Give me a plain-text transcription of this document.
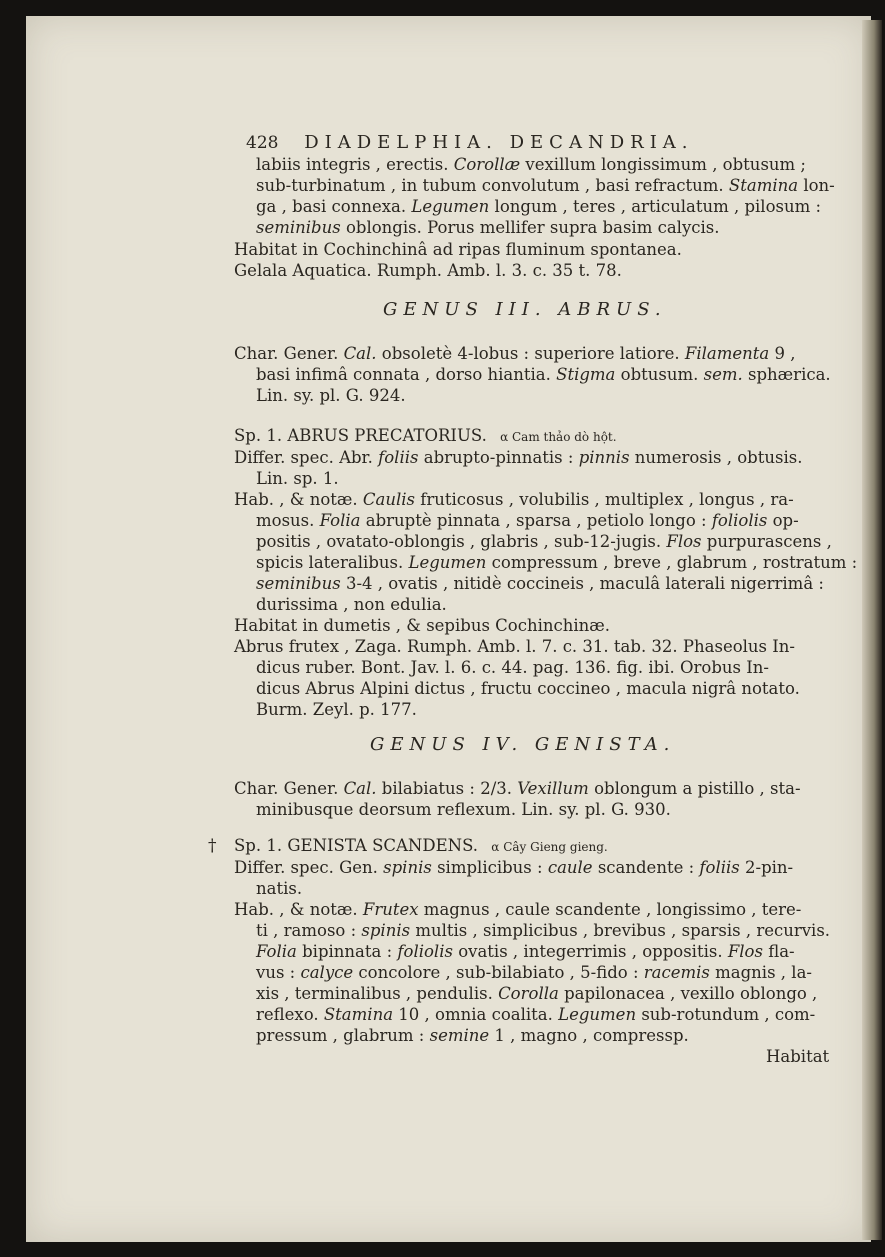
428 DIADELPHIA. DECANDRIA.
labiis integris , erectis. Corollæ vexillum longissimum , obtusum ;
sub-turbinatum , in tubum convolutum , basi refractum. Stamina lon-
ga , basi connexa. Legumen longum , teres , articulatum , pilosum :
seminibus oblongis. Porus mellifer supra basim calycis.
Habitat in Cochinchinâ ad ripas fluminum spontanea.
Gelala Aquatica. Rumph. Amb. l. 3. c. 35 t. 78.
GENUS III. ABRUS.
Char. Gener. Cal. obsoletè 4-lobus : superiore latiore. Filamenta 9 ,
basi infimâ connata , dorso hiantia. Stigma obtusum. sem. sphærica.
Lin. sy. pl. G. 924.
Sp. 1. ABRUS PRECATORIUS. α Cam thảo dò hột.
Differ. spec. Abr. foliis abrupto-pinnatis : pinnis numerosis , obtusis.
Lin. sp. 1.
Hab. , & notæ. Caulis fruticosus , volubilis , multiplex , longus , ra-
mosus. Folia abruptè pinnata , sparsa , petiolo longo : foliolis op-
positis , ovatato-oblongis , glabris , sub-12-jugis. Flos purpurascens ,
spicis lateralibus. Legumen compressum , breve , glabrum , rostratum :
seminibus 3-4 , ovatis , nitidè coccineis , maculâ laterali nigerrimâ :
durissima , non edulia.
Habitat in dumetis , & sepibus Cochinchinæ.
Abrus frutex , Zaga. Rumph. Amb. l. 7. c. 31. tab. 32. Phaseolus In-
dicus ruber. Bont. Jav. l. 6. c. 44. pag. 136. fig. ibi. Orobus In-
dicus Abrus Alpini dictus , fructu coccineo , macula nigrâ notato.
Burm. Zeyl. p. 177.
GENUS IV. GENISTA.
Char. Gener. Cal. bilabiatus : 2/3. Vexillum oblongum a pistillo , sta-
minibusque deorsum reflexum. Lin. sy. pl. G. 930.
† Sp. 1. GENISTA SCANDENS. α Cây Gieng gieng.
Differ. spec. Gen. spinis simplicibus : caule scandente : foliis 2-pin-
natis.
Hab. , & notæ. Frutex magnus , caule scandente , longissimo , tere-
ti , ramoso : spinis multis , simplicibus , brevibus , sparsis , recurvis.
Folia bipinnata : foliolis ovatis , integerrimis , oppositis. Flos fla-
vus : calyce concolore , sub-bilabiato , 5-fido : racemis magnis , la-
xis , terminalibus , pendulis. Corolla papilonacea , vexillo oblongo ,
reflexo. Stamina 10 , omnia coalita. Legumen sub-rotundum , com-
pressum , glabrum : semine 1 , magno , compressp.
Habitat
